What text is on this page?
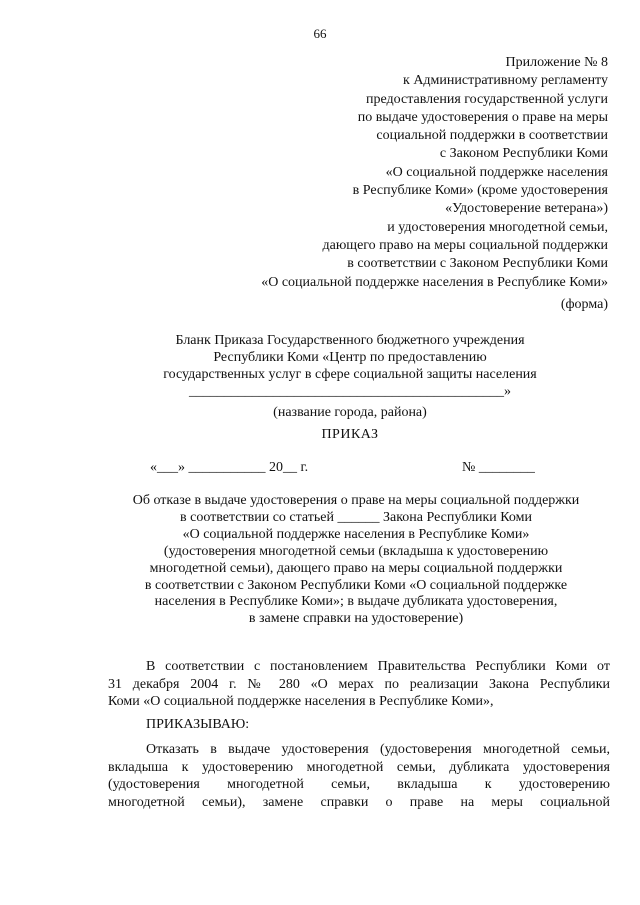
66
Приложение № 8
к Административному регламенту
предоставления государственной услуги
по выдаче удостоверения о праве на меры
социальной поддержки в соответствии
с Законом Республики Коми
«О социальной поддержке населения
в Республике Коми» (кроме удостоверения
«Удостоверение ветерана»)
и удостоверения многодетной семьи,
дающего право на меры социальной поддержки
в соответствии с Законом Республики Коми
«О социальной поддержке населения в Республике Коми»
(форма)
Бланк Приказа Государственного бюджетного учреждения
Республики Коми «Центр по предоставлению
государственных услуг в сфере социальной защиты населения
_____________________________________________»
(название города, района)
ПРИКАЗ
«___» ___________ 20__ г.	№ ________
Об отказе в выдаче удостоверения о праве на меры социальной поддержки
в соответствии со статьей ______ Закона Республики Коми
«О социальной поддержке населения в Республике Коми»
(удостоверения многодетной семьи (вкладыша к удостоверению
многодетной семьи), дающего право на меры социальной поддержки
в соответствии с Законом Республики Коми «О социальной поддержке
населения в Республике Коми»; в выдаче дубликата удостоверения,
в замене справки на удостоверение)
В соответствии с постановлением Правительства Республики Коми от
31 декабря 2004 г. № 280 «О мерах по реализации Закона Республики
Коми «О социальной поддержке населения в Республике Коми»,
ПРИКАЗЫВАЮ:
Отказать в выдаче удостоверения (удостоверения многодетной семьи,
вкладыша к удостоверению многодетной семьи, дубликата удостоверения
(удостоверения многодетной семьи, вкладыша к удостоверению
многодетной семьи), замене справки о праве на меры социальной
